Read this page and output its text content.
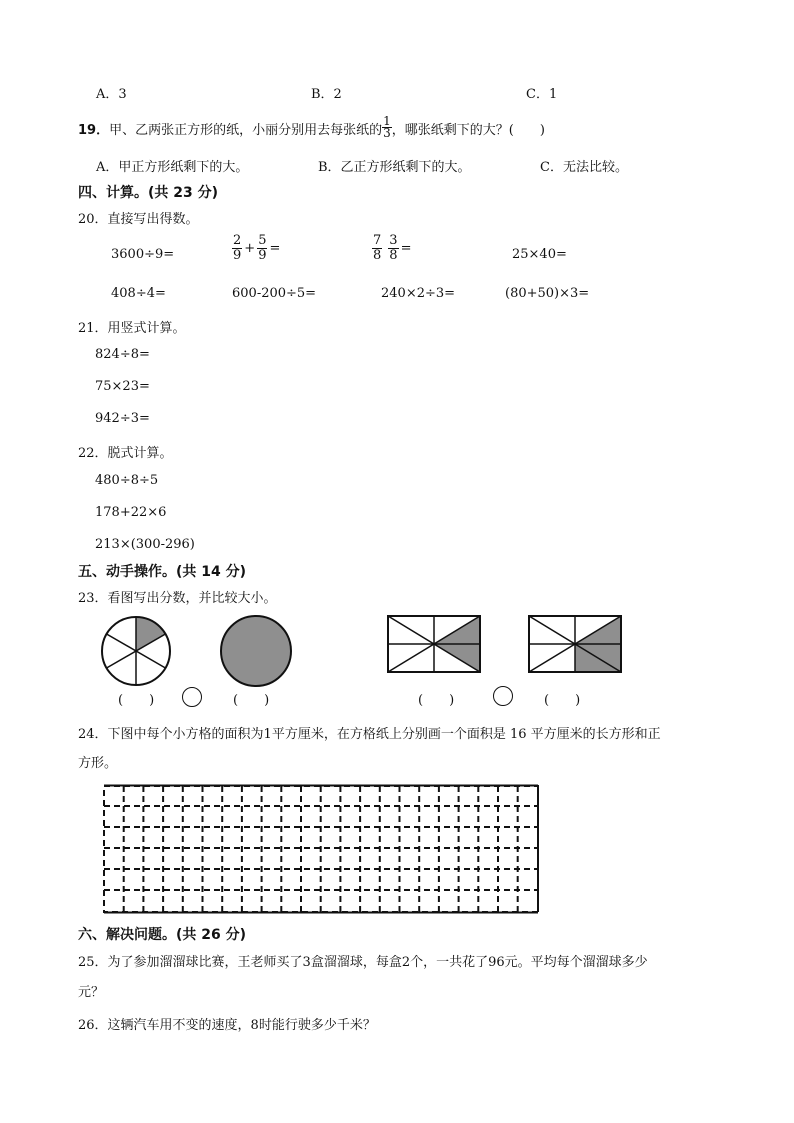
A．3	B．2	C．1
19．甲、乙两张正方形的纸，小丽分别用去每张纸的 $\frac{1}{3}$ ，哪张纸剩下的大？(　　)
A．甲正方形纸剩下的大。	B．乙正方形纸剩下的大。	C．无法比较。
四、计算。(共 23 分)
20．直接写出得数。
3600÷9=	$\frac{2}{9} + \frac{5}{9}$ =	$\frac{7}{8} \frac{3}{8}$ =	25×40=
408÷4=	600-200÷5=	240×2÷3=	(80+50)×3=
21．用竖式计算。
824÷8=
75×23=
942÷3=
22．脱式计算。
480÷8÷5
178+22×6
213×(300-296)
五、动手操作。(共 14 分)
23．看图写出分数，并比较大小。
(　　)	(　　)	(　　)	(　　)
24．下图中每个小方格的面积为1平方厘米，在方格纸上分别画一个面积是 16 平方厘米的长方形和正
方形。
六、解决问题。(共 26 分)
25．为了参加溜溜球比赛，王老师买了3盒溜溜球，每盒2个，一共花了96元。平均每个溜溜球多少
元？
26．这辆汽车用不变的速度，8时能行驶多少千米？
